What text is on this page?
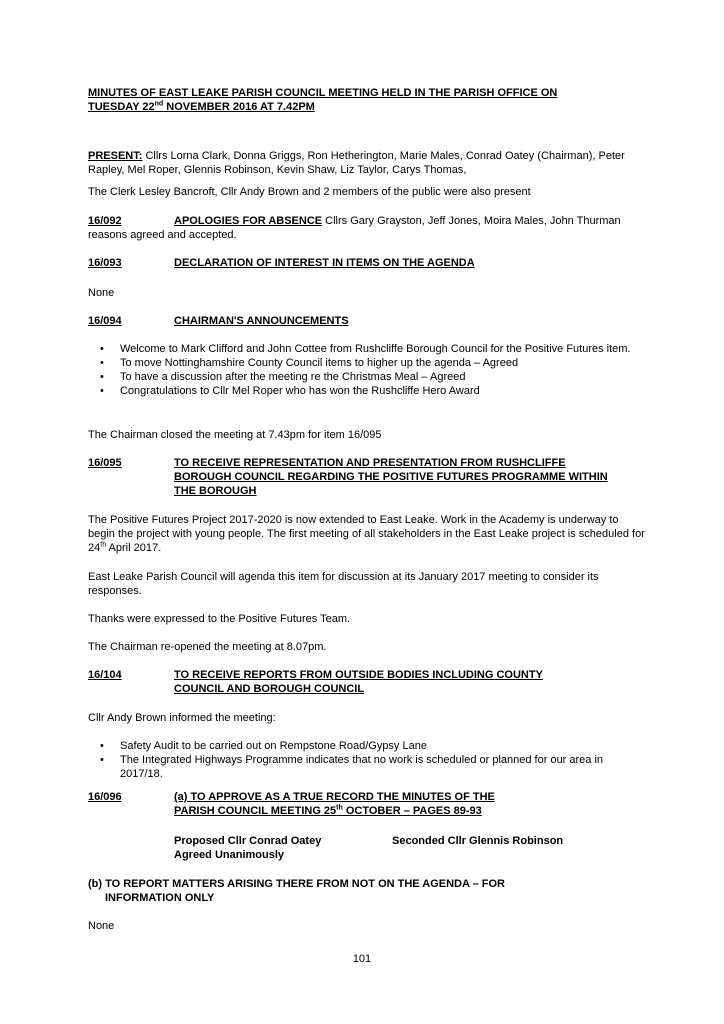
MINUTES OF EAST LEAKE PARISH COUNCIL MEETING HELD IN THE PARISH OFFICE ON
TUESDAY 22nd NOVEMBER 2016 AT 7.42PM
PRESENT: Cllrs Lorna Clark, Donna Griggs, Ron Hetherington, Marie Males, Conrad Oatey (Chairman), Peter Rapley, Mel Roper, Glennis Robinson, Kevin Shaw, Liz Taylor, Carys Thomas,
The Clerk Lesley Bancroft, Cllr Andy Brown and 2 members of the public were also present
16/092	APOLOGIES FOR ABSENCE Cllrs Gary Grayston, Jeff Jones, Moira Males, John Thurman reasons agreed and accepted.
16/093	DECLARATION OF INTEREST IN ITEMS ON THE AGENDA
None
16/094	CHAIRMAN'S ANNOUNCEMENTS
• Welcome to Mark Clifford and John Cottee from Rushcliffe Borough Council for the Positive Futures item.
• To move Nottinghamshire County Council items to higher up the agenda – Agreed
• To have a discussion after the meeting re the Christmas Meal – Agreed
• Congratulations to Cllr Mel Roper who has won the Rushcliffe Hero Award
The Chairman closed the meeting at 7.43pm for item 16/095
16/095	TO RECEIVE REPRESENTATION AND PRESENTATION FROM RUSHCLIFFE BOROUGH COUNCIL REGARDING THE POSITIVE FUTURES PROGRAMME WITHIN THE BOROUGH
The Positive Futures Project 2017-2020 is now extended to East Leake. Work in the Academy is underway to begin the project with young people. The first meeting of all stakeholders in the East Leake project is scheduled for 24th April 2017.
East Leake Parish Council will agenda this item for discussion at its January 2017 meeting to consider its responses.
Thanks were expressed to the Positive Futures Team.
The Chairman re-opened the meeting at 8.07pm.
16/104	TO RECEIVE REPORTS FROM OUTSIDE BODIES INCLUDING COUNTY COUNCIL AND BOROUGH COUNCIL
Cllr Andy Brown informed the meeting:
• Safety Audit to be carried out on Rempstone Road/Gypsy Lane
• The Integrated Highways Programme indicates that no work is scheduled or planned for our area in 2017/18.
16/096	(a) TO APPROVE AS A TRUE RECORD THE MINUTES OF THE
PARISH COUNCIL MEETING 25th OCTOBER – PAGES 89-93
Proposed Cllr Conrad Oatey	Seconded Cllr Glennis Robinson
Agreed Unanimously
(b) TO REPORT MATTERS ARISING THERE FROM NOT ON THE AGENDA – FOR
INFORMATION ONLY
None
101
